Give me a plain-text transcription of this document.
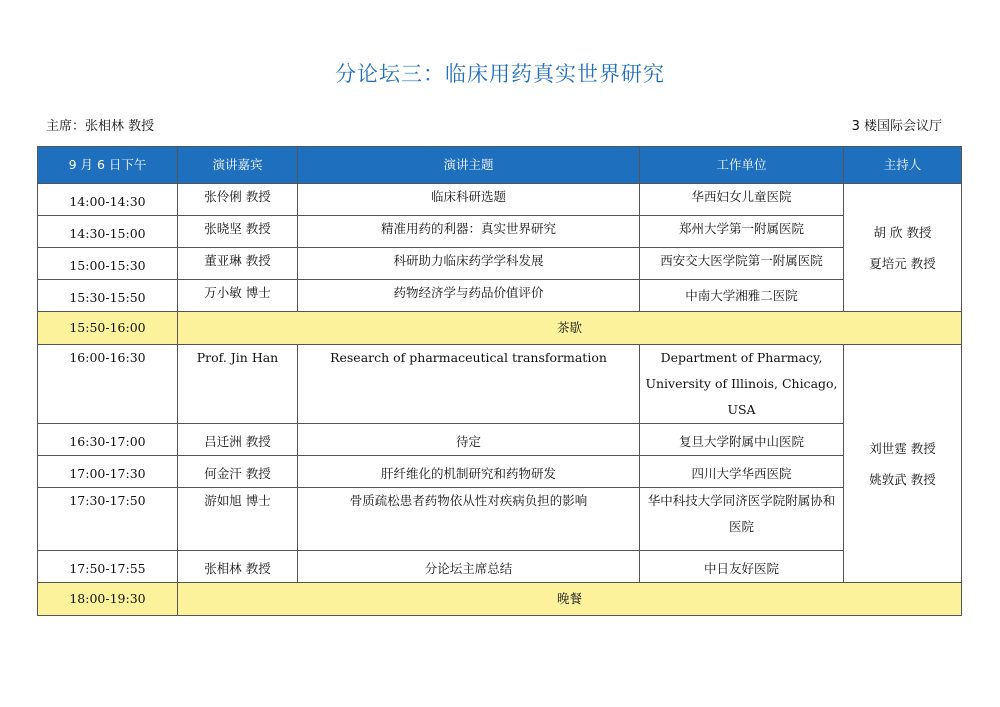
分论坛三：临床用药真实世界研究
主席：张相林 教授	3 楼国际会议厅
9 月 6 日下午	演讲嘉宾	演讲主题	工作单位	主持人
14:00-14:30	张伶俐 教授	临床科研选题	华西妇女儿童医院	胡 欣 教授
夏培元 教授

14:30-15:00	张晓坚 教授	精准用药的利器：真实世界研究	郑州大学第一附属医院	
15:00-15:30	董亚琳 教授	科研助力临床药学学科发展	西安交大医学院第一附属医院	
15:30-15:50	万小敏 博士	药物经济学与药品价值评价	中南大学湘雅二医院	
15:50-16:00	茶歇			
16:00-16:30	Prof. Jin Han	Research of pharmaceutical transformation	Department of Pharmacy, University of Illinois, Chicago, USA	刘世霆 教授
姚敦武 教授

16:30-17:00	吕迁洲 教授	待定	复旦大学附属中山医院	
17:00-17:30	何金汗 教授	肝纤维化的机制研究和药物研发	四川大学华西医院	
17:30-17:50	游如旭 博士	骨质疏松患者药物依从性对疾病负担的影响	华中科技大学同济医学院附属协和医院	
17:50-17:55	张相林 教授	分论坛主席总结	中日友好医院	
18:00-19:30	晚餐			
